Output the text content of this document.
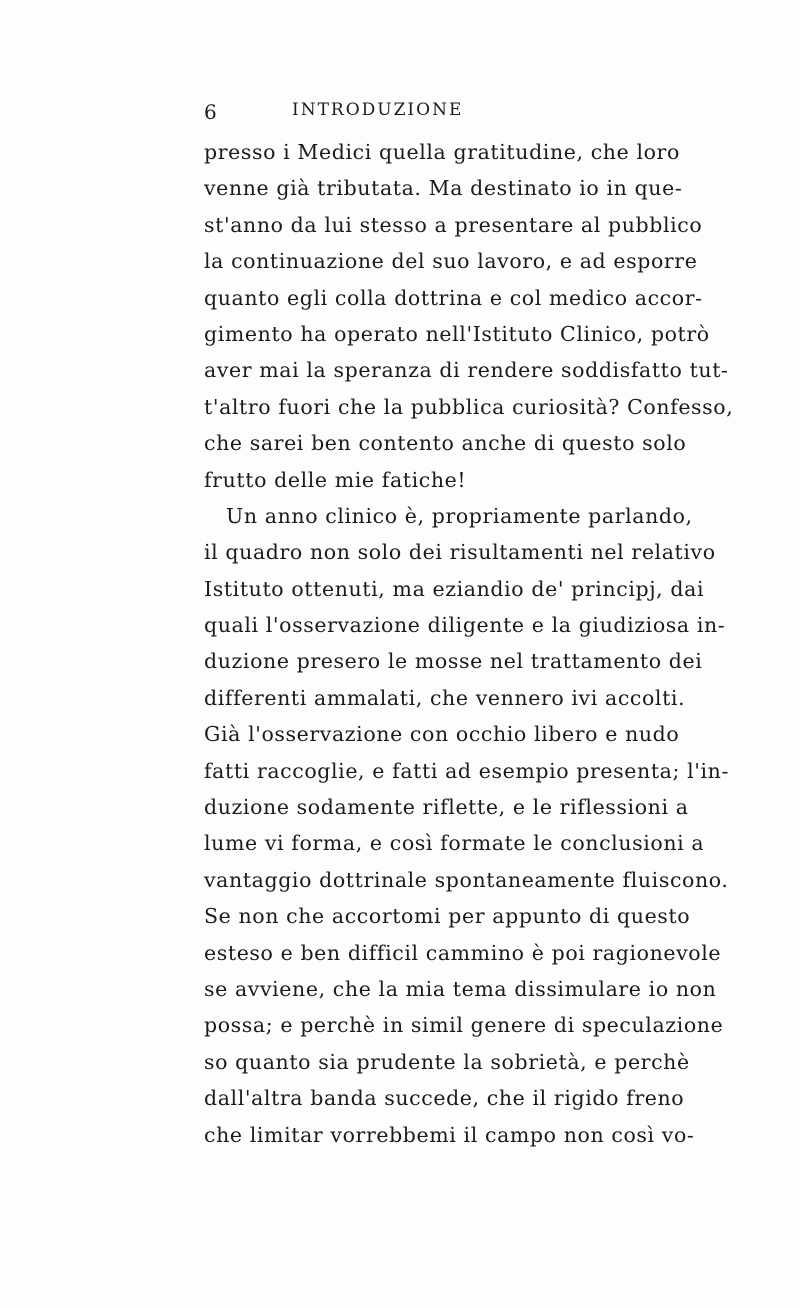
6	INTRODUZIONE
presso i Medici quella gratitudine, che loro
venne già tributata. Ma destinato io in que-
st'anno da lui stesso a presentare al pubblico
la continuazione del suo lavoro, e ad esporre
quanto egli colla dottrina e col medico accor-
gimento ha operato nell'Istituto Clinico, potrò
aver mai la speranza di rendere soddisfatto tut-
t'altro fuori che la pubblica curiosità? Confesso,
che sarei ben contento anche di questo solo
frutto delle mie fatiche!
Un anno clinico è, propriamente parlando,
il quadro non solo dei risultamenti nel relativo
Istituto ottenuti, ma eziandio de' principj, dai
quali l'osservazione diligente e la giudiziosa in-
duzione presero le mosse nel trattamento dei
differenti ammalati, che vennero ivi accolti.
Già l'osservazione con occhio libero e nudo
fatti raccoglie, e fatti ad esempio presenta; l'in-
duzione sodamente riflette, e le riflessioni a
lume vi forma, e così formate le conclusioni a
vantaggio dottrinale spontaneamente fluiscono.
Se non che accortomi per appunto di questo
esteso e ben difficil cammino è poi ragionevole
se avviene, che la mia tema dissimulare io non
possa; e perchè in simil genere di speculazione
so quanto sia prudente la sobrietà, e perchè
dall'altra banda succede, che il rigido freno
che limitar vorrebbemi il campo non così vo-
